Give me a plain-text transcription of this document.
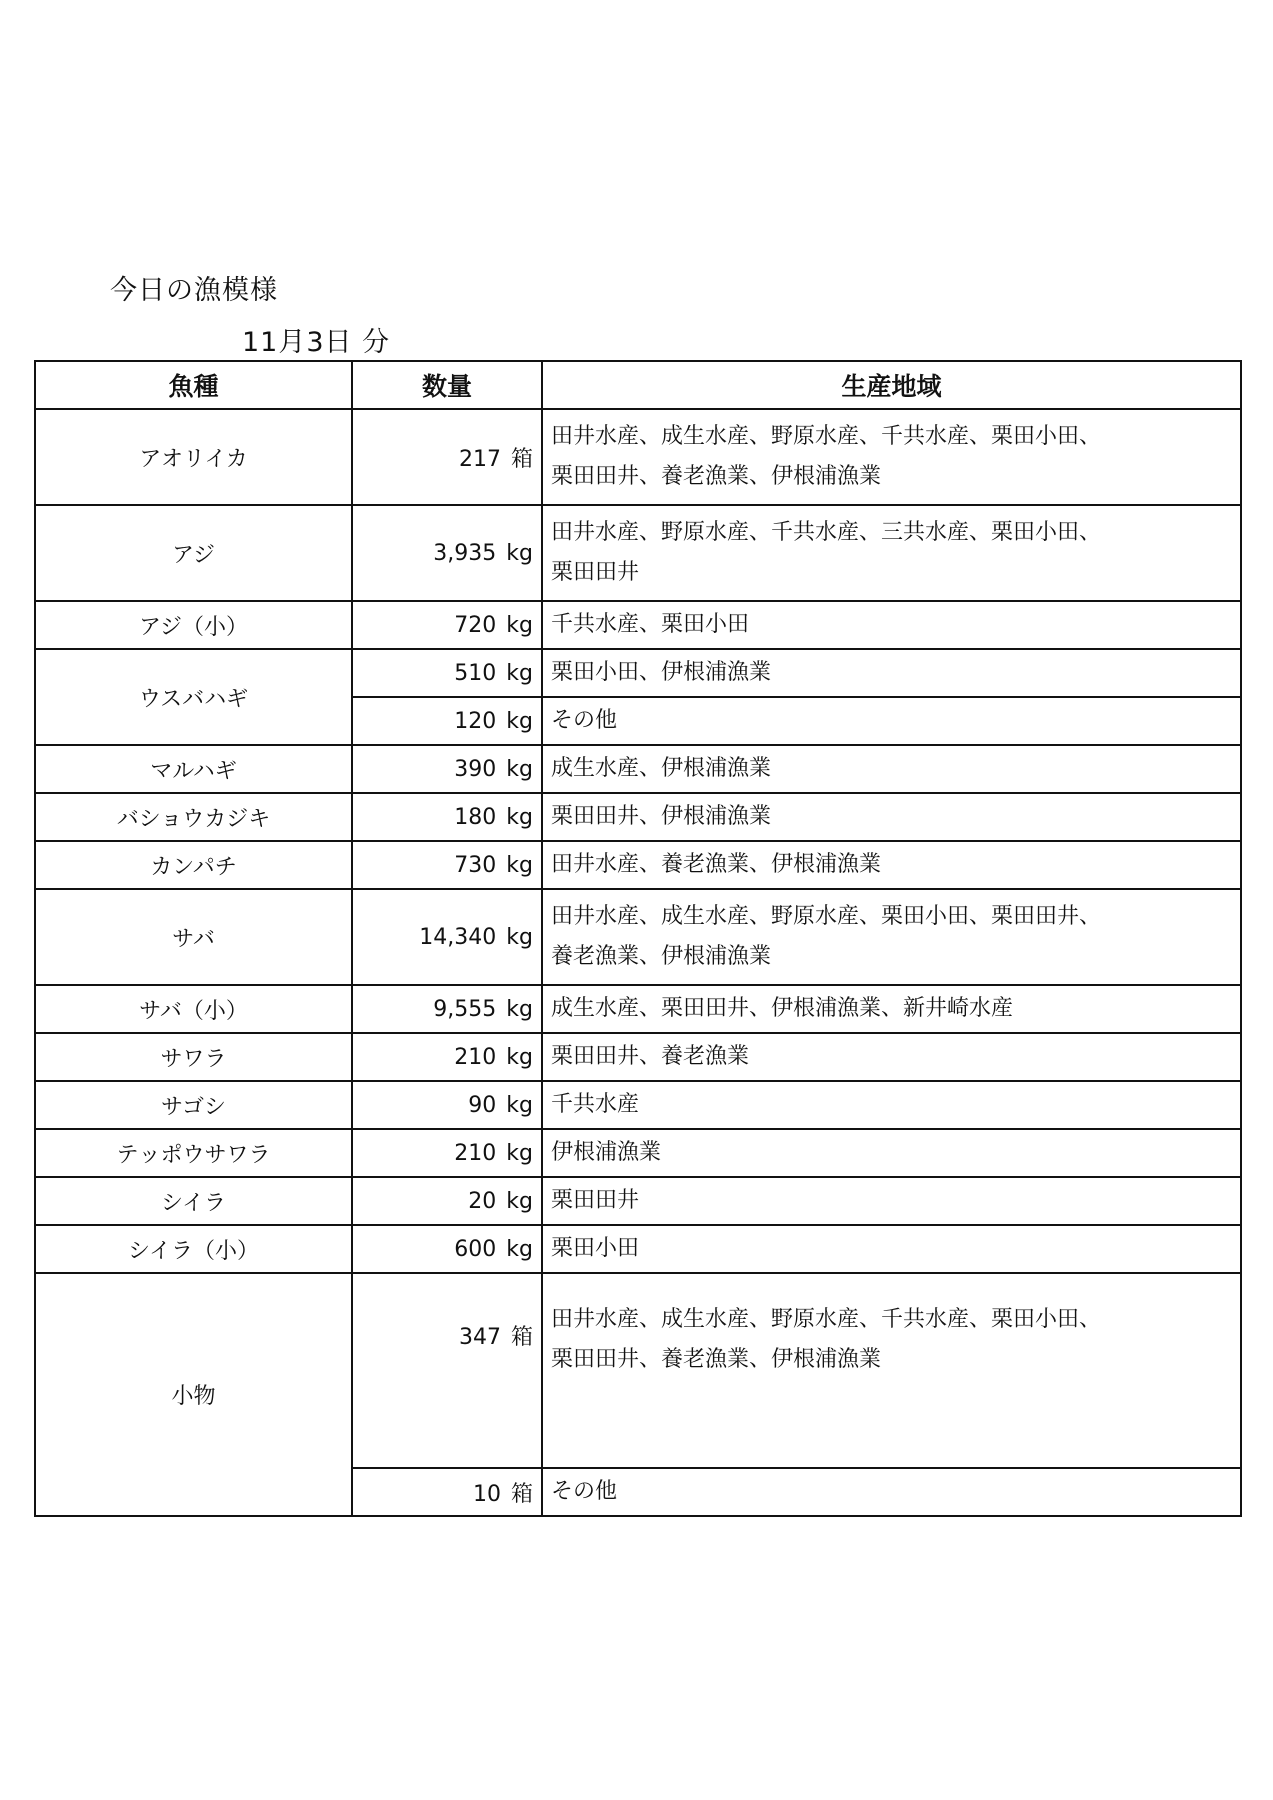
今日の漁模様
11月3日 分
魚種	数量	生産地域
アオリイカ	217 箱	田井水産、成生水産、野原水産、千共水産、栗田小田、
栗田田井、養老漁業、伊根浦漁業
アジ	3,935 kg	田井水産、野原水産、千共水産、三共水産、栗田小田、
栗田田井
アジ（小）	720 kg	千共水産、栗田小田
ウスバハギ	510 kg	栗田小田、伊根浦漁業
	120 kg	その他
マルハギ	390 kg	成生水産、伊根浦漁業
バショウカジキ	180 kg	栗田田井、伊根浦漁業
カンパチ	730 kg	田井水産、養老漁業、伊根浦漁業
サバ	14,340 kg	田井水産、成生水産、野原水産、栗田小田、栗田田井、
養老漁業、伊根浦漁業
サバ（小）	9,555 kg	成生水産、栗田田井、伊根浦漁業、新井崎水産
サワラ	210 kg	栗田田井、養老漁業
サゴシ	90 kg	千共水産
テッポウサワラ	210 kg	伊根浦漁業
シイラ	20 kg	栗田田井
シイラ（小）	600 kg	栗田小田
小物	347 箱	田井水産、成生水産、野原水産、千共水産、栗田小田、
栗田田井、養老漁業、伊根浦漁業
	10 箱	その他
